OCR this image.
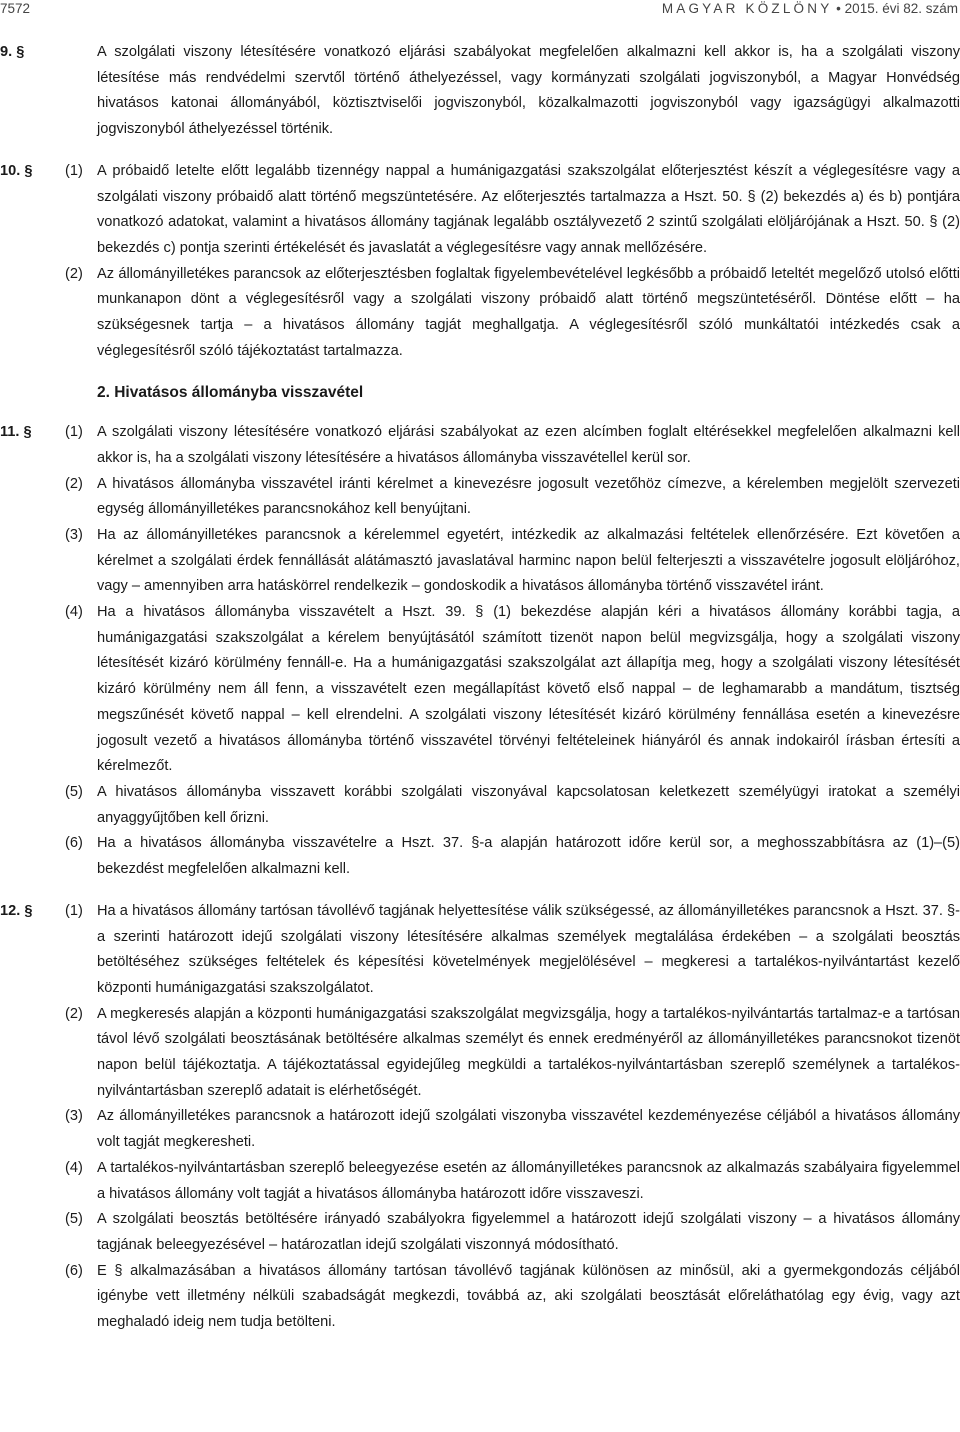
7572	MAGYAR KÖZLÖNY • 2015. évi 82. szám
9. §	A szolgálati viszony létesítésére vonatkozó eljárási szabályokat megfelelően alkalmazni kell akkor is, ha a szolgálati viszony létesítése más rendvédelmi szervtől történő áthelyezéssel, vagy kormányzati szolgálati jogviszonyból, a Magyar Honvédség hivatásos katonai állományából, köztisztviselői jogviszonyból, közalkalmazotti jogviszonyból vagy igazságügyi alkalmazotti jogviszonyból áthelyezéssel történik.
10. § (1) A próbaidő letelte előtt legalább tizennégy nappal a humánigazgatási szakszolgálat előterjesztést készít a véglegesítésre vagy a szolgálati viszony próbaidő alatt történő megszüntetésére. Az előterjesztés tartalmazza a Hszt. 50. § (2) bekezdés a) és b) pontjára vonatkozó adatokat, valamint a hivatásos állomány tagjának legalább osztályvezető 2 szintű szolgálati elöljárójának a Hszt. 50. § (2) bekezdés c) pontja szerinti értékelését és javaslatát a véglegesítésre vagy annak mellőzésére.
(2) Az állományilletékes parancsok az előterjesztésben foglaltak figyelembevételével legkésőbb a próbaidő leteltét megelőző utolsó előtti munkanapon dönt a véglegesítésről vagy a szolgálati viszony próbaidő alatt történő megszüntetéséről. Döntése előtt – ha szükségesnek tartja – a hivatásos állomány tagját meghallgatja. A véglegesítésről szóló munkáltatói intézkedés csak a véglegesítésről szóló tájékoztatást tartalmazza.
2. Hivatásos állományba visszavétel
11. § (1) A szolgálati viszony létesítésére vonatkozó eljárási szabályokat az ezen alcímben foglalt eltérésekkel megfelelően alkalmazni kell akkor is, ha a szolgálati viszony létesítésére a hivatásos állományba visszavétellel kerül sor.
(2) A hivatásos állományba visszavétel iránti kérelmet a kinevezésre jogosult vezetőhöz címezve, a kérelemben megjelölt szervezeti egység állományilletékes parancsnokához kell benyújtani.
(3) Ha az állományilletékes parancsnok a kérelemmel egyetért, intézkedik az alkalmazási feltételek ellenőrzésére. Ezt követően a kérelmet a szolgálati érdek fennállását alátámasztó javaslatával harminc napon belül felterjeszti a visszavételre jogosult elöljáróhoz, vagy – amennyiben arra hatáskörrel rendelkezik – gondoskodik a hivatásos állományba történő visszavétel iránt.
(4) Ha a hivatásos állományba visszavételt a Hszt. 39. § (1) bekezdése alapján kéri a hivatásos állomány korábbi tagja, a humánigazgatási szakszolgálat a kérelem benyújtásától számított tizenöt napon belül megvizsgálja, hogy a szolgálati viszony létesítését kizáró körülmény fennáll-e. Ha a humánigazgatási szakszolgálat azt állapítja meg, hogy a szolgálati viszony létesítését kizáró körülmény nem áll fenn, a visszavételt ezen megállapítást követő első nappal – de leghamarabb a mandátum, tisztség megszűnését követő nappal – kell elrendelni. A szolgálati viszony létesítését kizáró körülmény fennállása esetén a kinevezésre jogosult vezető a hivatásos állományba történő visszavétel törvényi feltételeinek hiányáról és annak indokairól írásban értesíti a kérelmezőt.
(5) A hivatásos állományba visszavett korábbi szolgálati viszonyával kapcsolatosan keletkezett személyügyi iratokat a személyi anyaggyűjtőben kell őrizni.
(6) Ha a hivatásos állományba visszavételre a Hszt. 37. §-a alapján határozott időre kerül sor, a meghosszabbításra az (1)–(5) bekezdést megfelelően alkalmazni kell.
12. § (1) Ha a hivatásos állomány tartósan távollévő tagjának helyettesítése válik szükségessé, az állományilletékes parancsnok a Hszt. 37. §-a szerinti határozott idejű szolgálati viszony létesítésére alkalmas személyek megtalálása érdekében – a szolgálati beosztás betöltéséhez szükséges feltételek és képesítési követelmények megjelölésével – megkeresi a tartalékos-nyilvántartást kezelő központi humánigazgatási szakszolgálatot.
(2) A megkeresés alapján a központi humánigazgatási szakszolgálat megvizsgálja, hogy a tartalékos-nyilvántartás tartalmaz-e a tartósan távol lévő szolgálati beosztásának betöltésére alkalmas személyt és ennek eredményéről az állományilletékes parancsnokot tizenöt napon belül tájékoztatja. A tájékoztatással egyidejűleg megküldi a tartalékos-nyilvántartásban szereplő személynek a tartalékos-nyilvántartásban szereplő adatait is elérhetőségét.
(3) Az állományilletékes parancsnok a határozott idejű szolgálati viszonyba visszavétel kezdeményezése céljából a hivatásos állomány volt tagját megkeresheti.
(4) A tartalékos-nyilvántartásban szereplő beleegyezése esetén az állományilletékes parancsnok az alkalmazás szabályaira figyelemmel a hivatásos állomány volt tagját a hivatásos állományba határozott időre visszaveszi.
(5) A szolgálati beosztás betöltésére irányadó szabályokra figyelemmel a határozott idejű szolgálati viszony – a hivatásos állomány tagjának beleegyezésével – határozatlan idejű szolgálati viszonnyá módosítható.
(6) E § alkalmazásában a hivatásos állomány tartósan távollévő tagjának különösen az minősül, aki a gyermekgondozás céljából igénybe vett illetmény nélküli szabadságát megkezdi, továbbá az, aki szolgálati beosztását előreláthatólag egy évig, vagy azt meghaladó ideig nem tudja betölteni.
